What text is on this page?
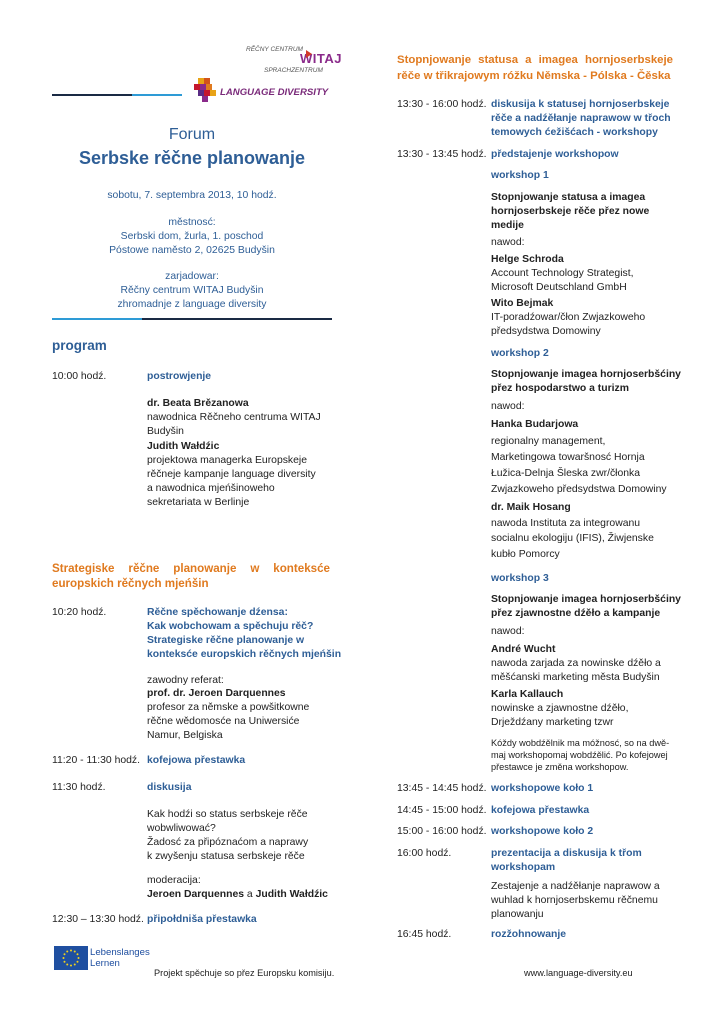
RĚČNY CENTRUM
WITAJ
SPRACHZENTRUM
LANGUAGE DIVERSITY
Forum
Serbske rěčne planowanje
sobotu, 7. septembra 2013, 10 hodź.
městnosć:
Serbski dom, žurla, 1. poschod
Póstowe naměsto 2, 02625 Budyšin
zarjadowar:
Rěčny centrum WITAJ Budyšin
zhromadnje z language diversity
program
10:00 hodź.	postrowjenje
dr. Beata Brězanowa
nawodnica Rěčneho centruma WITAJ
Budyšin
Judith Wałdźic
projektowa managerka Europskeje
rěčneje kampanje language diversity
a nawodnica mjeńšinoweho
sekretariata w Berlinje
Strategiske rěčne planowanje w konteksće
europskich rěčnych mjeńšin
10:20 hodź.	Rěčne spěchowanje dźensa:
Kak wobchowam a spěchuju rěč?
Strategiske rěčne planowanje w
konteksće europskich rěčnych mjeńšin
zawodny referat:
prof. dr. Jeroen Darquennes
profesor za němske a powšitkowne
rěčne wědomosće na Uniwersiće
Namur, Belgiska
11:20 - 11:30 hodź. kofejowa přestawka
11:30 hodź.	diskusija
Kak hodźi so status serbskeje rěče
wobwliwować?
Žadosć za připóznaćom a naprawy
k zwyšenju statusa serbskeje rěče
moderacija:
Jeroen Darquennes a Judith Wałdźic
12:30 – 13:30 hodź. připołdniša přestawka
Stopnjowanje statusa a imagea hornjoserbskeje
rěče w třikrajowym róžku Němska - Pólska - Čěska
13:30 - 16:00 hodź. diskusija k statusej hornjoserbskeje
rěče a nadźěłanje naprawow w třoch
temowych ćežišćach - workshopy
13:30 - 13:45 hodź. předstajenje workshopow
workshop 1
Stopnjowanje statusa a imagea
hornjoserbskeje rěče přez nowe
medije
nawod:
Helge Schroda
Account Technology Strategist,
Microsoft Deutschland GmbH
Wito Bejmak
IT-poradźowar/čłon Zwjazkoweho
předsydstwa Domowiny
workshop 2
Stopnjowanje imagea hornjoserbšćiny
přez hospodarstwo a turizm
nawod:
Hanka Budarjowa
regionalny management,
Marketingowa towaršnosć Hornja
Łužica-Delnja Šleska zwr/čłonka
Zwjazkoweho předsydstwa Domowiny
dr. Maik Hosang
nawoda Instituta za integrowanu
socialnu ekologiju (IFIS), Žiwjenske
kubło Pomorcy
workshop 3
Stopnjowanje imagea hornjoserbšćiny
přez zjawnostne dźěło a kampanje
nawod:
André Wucht
nawoda zarjada za nowinske dźěło a
měšćanski marketing města Budyšin
Karla Kallauch
nowinske a zjawnostne dźěło,
Drježdźany marketing tzwr
Kóždy wobdźělnik ma móžnosć, so na dwě-
maj workshopomaj wobdźělić. Po kofejowej
přestawce je změna workshopow.
13:45 - 14:45 hodź. workshopowe koło 1
14:45 - 15:00 hodź. kofejowa přestawka
15:00 - 16:00 hodź. workshopowe koło 2
16:00 hodź.	prezentacija a diskusija k třom
workshopam
Zestajenje a nadźěłanje naprawow a
wuhlad k hornjoserbskemu rěčnemu
planowanju
16:45 hodź.	rozžohnowanje
Lebenslanges
Lernen
Projekt spěchuje so přez Europsku komisiju.	www.language-diversity.eu
